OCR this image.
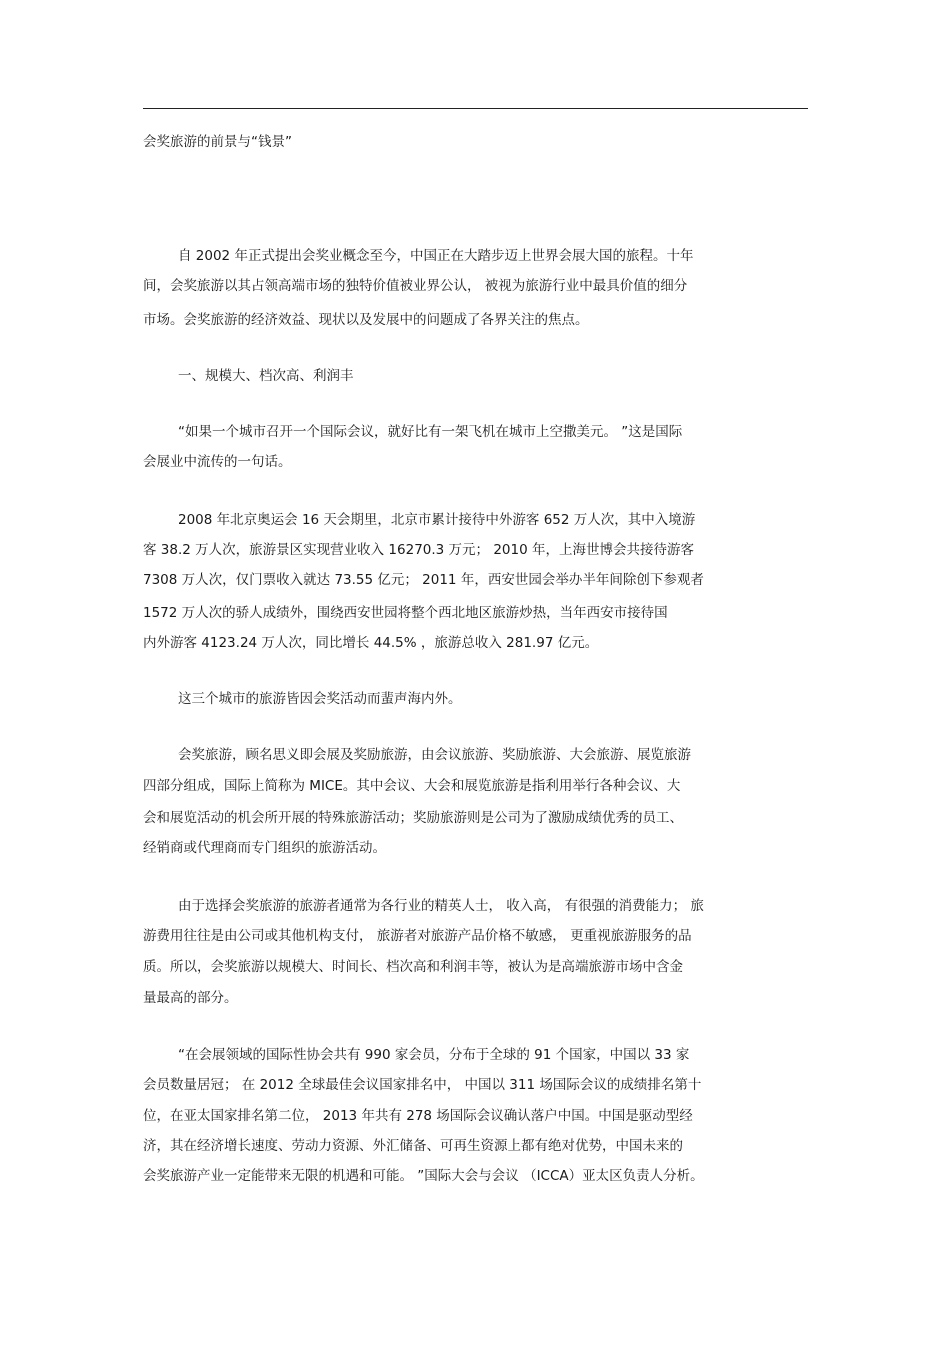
会奖旅游的前景与“钱景”
自 2002 年正式提出会奖业概念至今，中国正在大踏步迈上世界会展大国的旅程。十年
间，会奖旅游以其占领高端市场的独特价值被业界公认， 被视为旅游行业中最具价值的细分
市场。会奖旅游的经济效益、现状以及发展中的问题成了各界关注的焦点。
一、规模大、档次高、利润丰
“如果一个城市召开一个国际会议，就好比有一架飞机在城市上空撒美元。 ”这是国际
会展业中流传的一句话。
2008 年北京奥运会 16 天会期里，北京市累计接待中外游客 652 万人次，其中入境游
客 38.2 万人次，旅游景区实现营业收入 16270.3 万元； 2010 年，上海世博会共接待游客
7308 万人次，仅门票收入就达 73.55 亿元； 2011 年，西安世园会举办半年间除创下参观者
1572 万人次的骄人成绩外，围绕西安世园将整个西北地区旅游炒热，当年西安市接待国
内外游客 4123.24 万人次，同比增长 44.5% ，旅游总收入 281.97 亿元。
这三个城市的旅游皆因会奖活动而蜚声海内外。
会奖旅游，顾名思义即会展及奖励旅游，由会议旅游、奖励旅游、大会旅游、展览旅游
四部分组成，国际上简称为 MICE。其中会议、大会和展览旅游是指利用举行各种会议、大
会和展览活动的机会所开展的特殊旅游活动；奖励旅游则是公司为了激励成绩优秀的员工、
经销商或代理商而专门组织的旅游活动。
由于选择会奖旅游的旅游者通常为各行业的精英人士， 收入高， 有很强的消费能力； 旅
游费用往往是由公司或其他机构支付， 旅游者对旅游产品价格不敏感， 更重视旅游服务的品
质。所以，会奖旅游以规模大、时间长、档次高和利润丰等，被认为是高端旅游市场中含金
量最高的部分。
“在会展领域的国际性协会共有 990 家会员，分布于全球的 91 个国家，中国以 33 家
会员数量居冠； 在 2012 全球最佳会议国家排名中， 中国以 311 场国际会议的成绩排名第十
位，在亚太国家排名第二位， 2013 年共有 278 场国际会议确认落户中国。中国是驱动型经
济，其在经济增长速度、劳动力资源、外汇储备、可再生资源上都有绝对优势，中国未来的
会奖旅游产业一定能带来无限的机遇和可能。 ”国际大会与会议 （ICCA）亚太区负责人分析。
